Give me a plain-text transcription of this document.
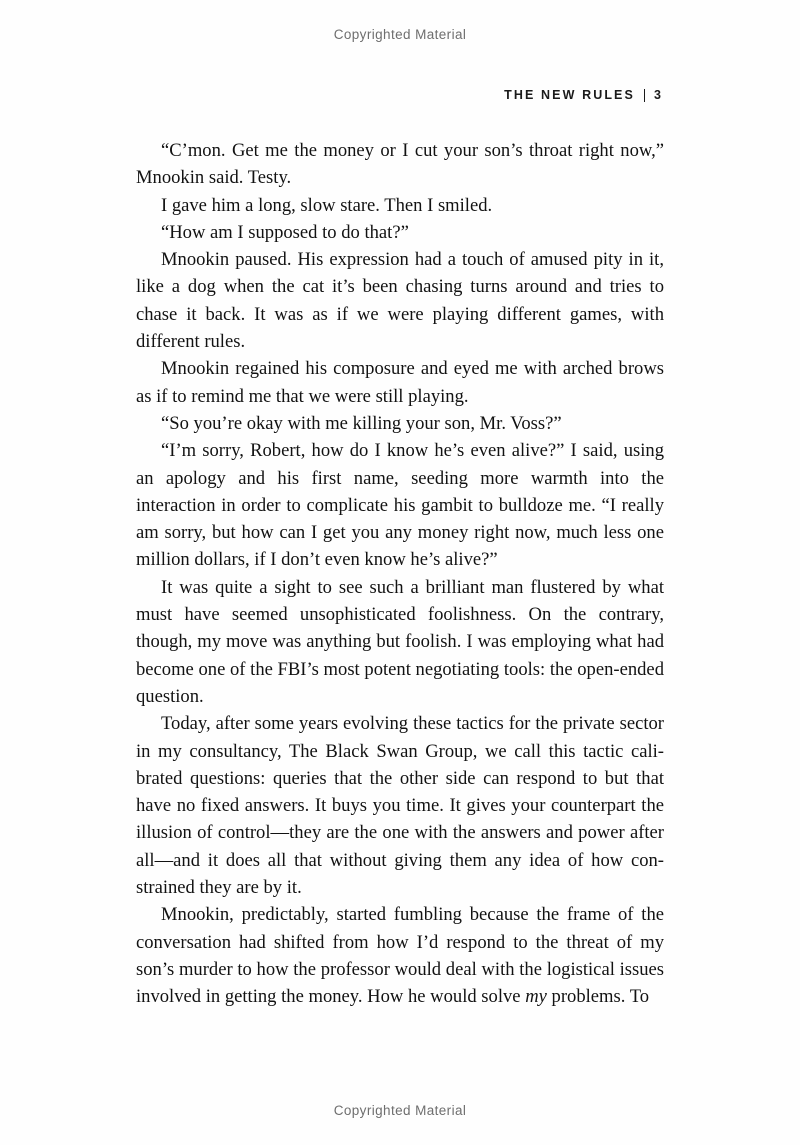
Copyrighted Material
THE NEW RULES 3

“C’mon. Get me the money or I cut your son’s throat right now,” Mnookin said. Testy.

I gave him a long, slow stare. Then I smiled.

“How am I supposed to do that?”

Mnookin paused. His expression had a touch of amused pity in it, like a dog when the cat it’s been chasing turns around and tries to chase it back. It was as if we were playing different games, with different rules.

Mnookin regained his composure and eyed me with arched brows as if to remind me that we were still playing.

“So you’re okay with me killing your son, Mr. Voss?”

“I’m sorry, Robert, how do I know he’s even alive?” I said, using an apology and his first name, seeding more warmth into the interaction in order to complicate his gambit to bulldoze me. “I really am sorry, but how can I get you any money right now, much less one million dollars, if I don’t even know he’s alive?”

It was quite a sight to see such a brilliant man flustered by what must have seemed unsophisticated foolishness. On the contrary, though, my move was anything but foolish. I was employing what had become one of the FBI’s most potent negotiating tools: the open-ended question.

Today, after some years evolving these tactics for the private sector in my consultancy, The Black Swan Group, we call this tactic calibrated questions: queries that the other side can respond to but that have no fixed answers. It buys you time. It gives your counterpart the illusion of control—they are the one with the answers and power after all—and it does all that without giving them any idea of how constrained they are by it.

Mnookin, predictably, started fumbling because the frame of the conversation had shifted from how I’d respond to the threat of my son’s murder to how the professor would deal with the logistical issues involved in getting the money. How he would solve my problems. To

Copyrighted Material
